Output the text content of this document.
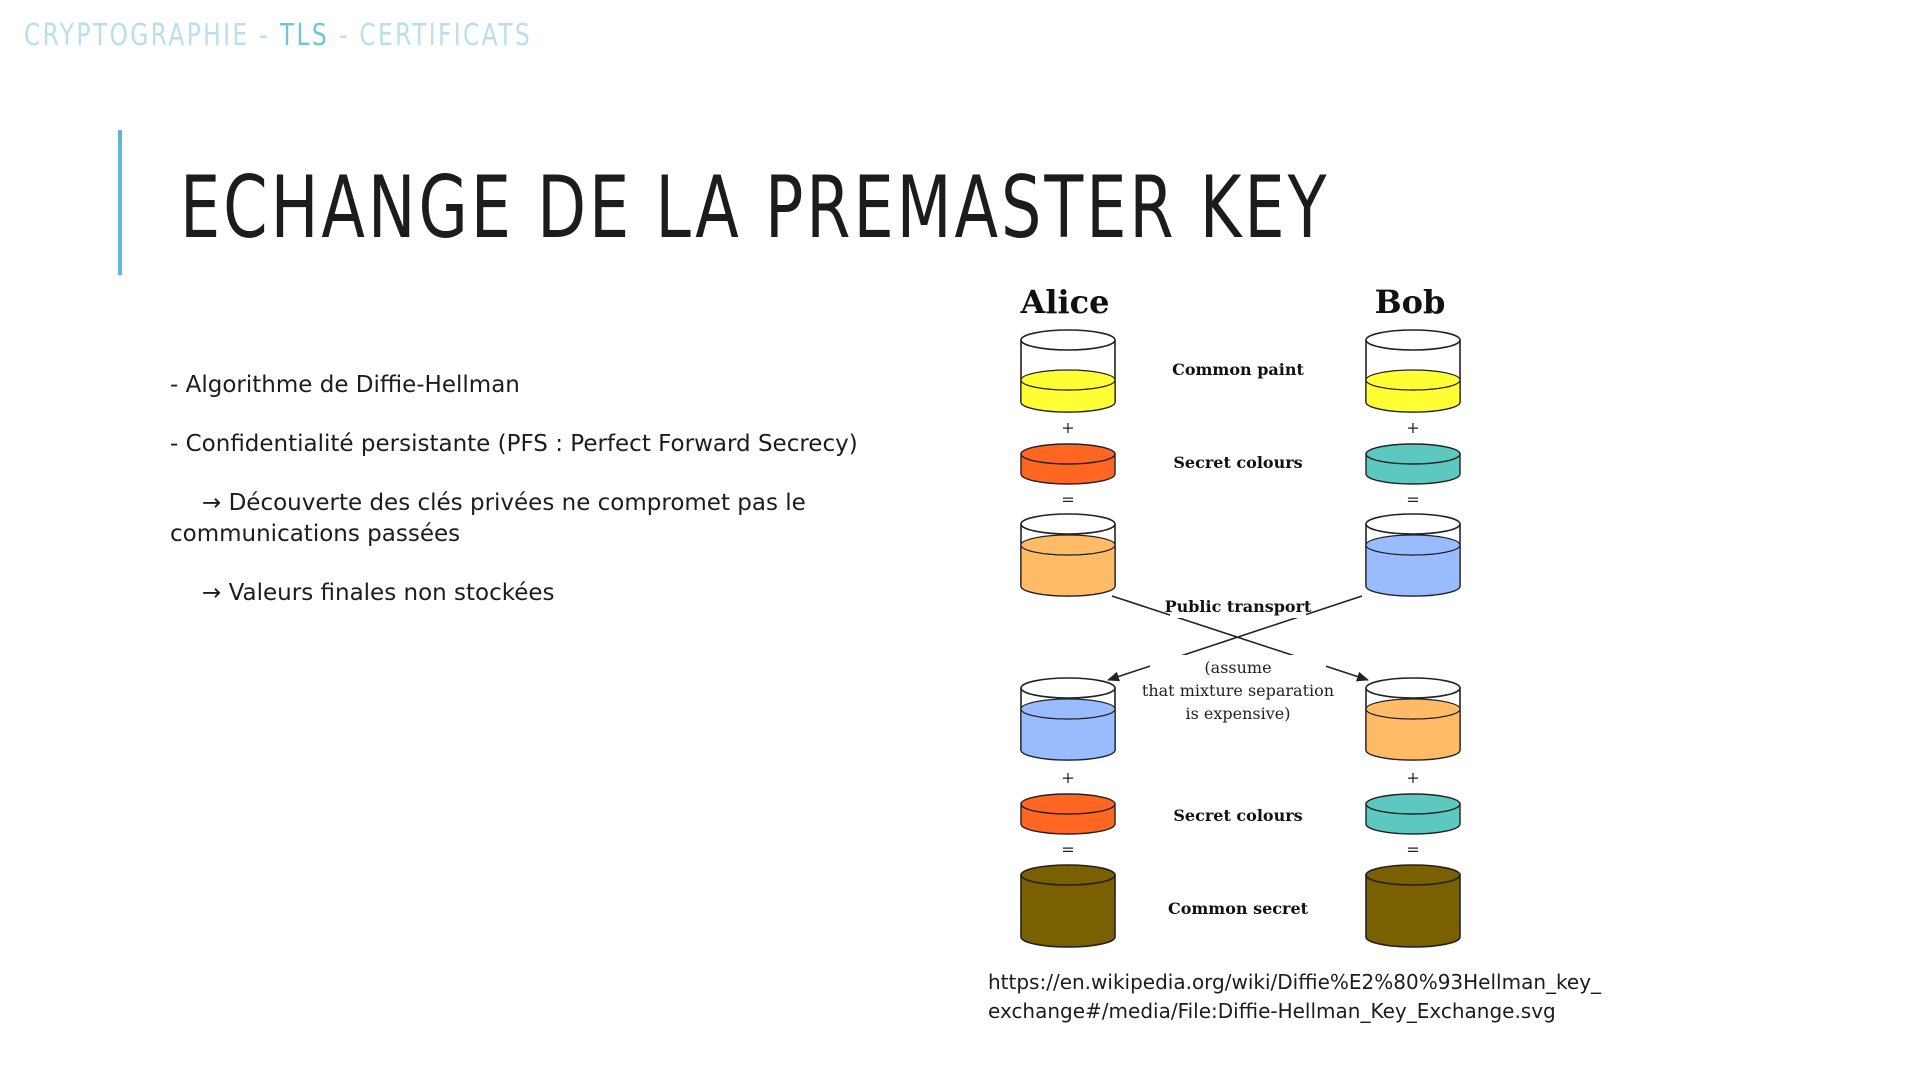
CRYPTOGRAPHIE - TLS - CERTIFICATS
ECHANGE DE LA PREMASTER KEY

- Algorithme de Diffie-Hellman

- Confidentialité persistante (PFS : Perfect Forward Secrecy)

→ Découverte des clés privées ne compromet pas le communications passées

→ Valeurs finales non stockées

Alice	Bob
Common paint
Secret colours
Public transport
(assume
that mixture separation
is expensive)
Secret colours
Common secret
+
=
+
=
+
=
+
=
https://en.wikipedia.org/wiki/Diffie%E2%80%93Hellman_key_exchange#/media/File:Diffie-Hellman_Key_Exchange.svg
